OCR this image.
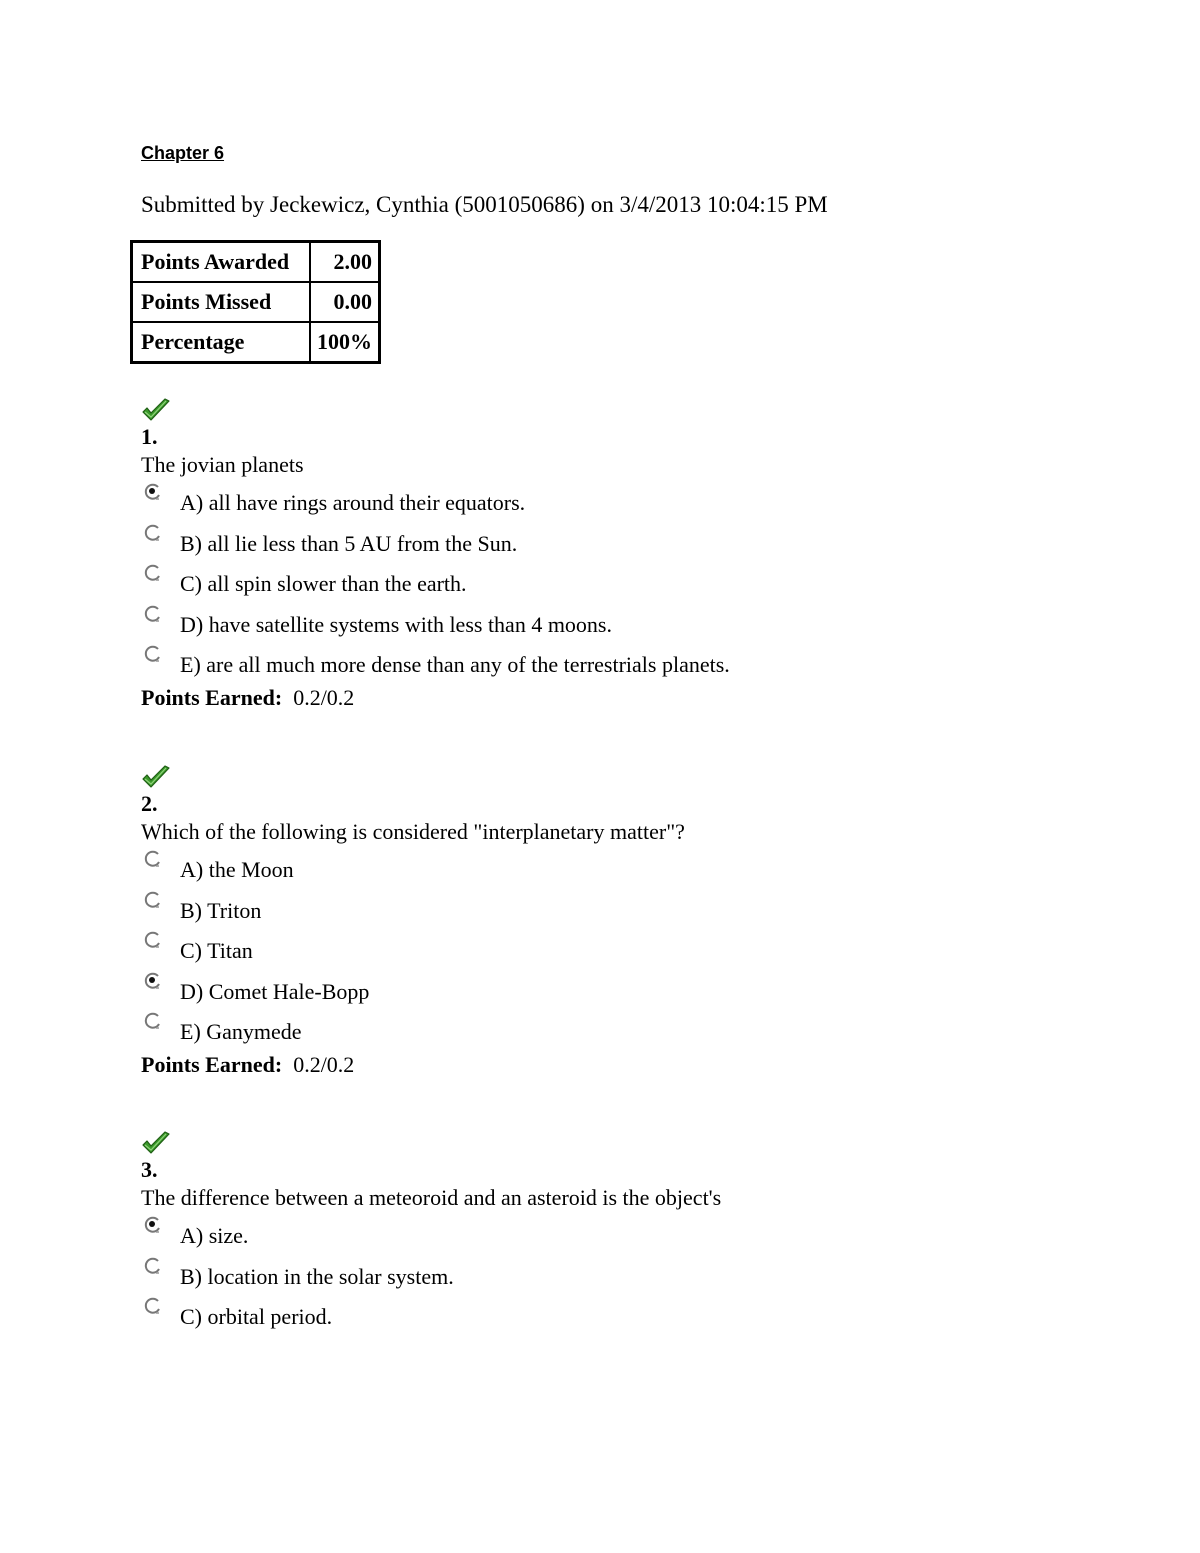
Chapter 6
Submitted by Jeckewicz, Cynthia (5001050686) on 3/4/2013 10:04:15 PM
Points Awarded	2.00
Points Missed	0.00
Percentage	100%
1.
The jovian planets
A) all have rings around their equators.
B) all lie less than 5 AU from the Sun.
C) all spin slower than the earth.
D) have satellite systems with less than 4 moons.
E) are all much more dense than any of the terrestrials planets.
Points Earned: 0.2/0.2
2.
Which of the following is considered "interplanetary matter"?
A) the Moon
B) Triton
C) Titan
D) Comet Hale-Bopp
E) Ganymede
Points Earned: 0.2/0.2
3.
The difference between a meteoroid and an asteroid is the object's
A) size.
B) location in the solar system.
C) orbital period.
